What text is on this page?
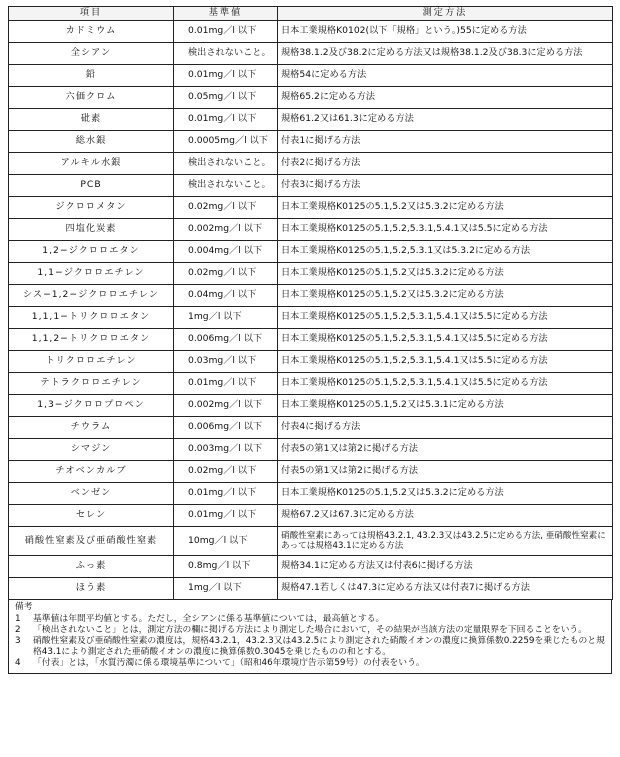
項目	基準値	測定方法
カドミウム	0.01mg／l 以下	日本工業規格K0102(以下「規格」という。)55に定める方法
全シアン	検出されないこと。	規格38.1.2及び38.2に定める方法又は規格38.1.2及び38.3に定める方法
鉛	0.01mg／l 以下	規格54に定める方法
六価クロム	0.05mg／l 以下	規格65.2に定める方法
砒素	0.01mg／l 以下	規格61.2又は61.3に定める方法
総水銀	0.0005mg／l 以下	付表1に掲げる方法
アルキル水銀	検出されないこと。	付表2に掲げる方法
PCB	検出されないこと。	付表3に掲げる方法
ジクロロメタン	0.02mg／l 以下	日本工業規格K0125の5.1,5.2又は5.3.2に定める方法
四塩化炭素	0.002mg／l 以下	日本工業規格K0125の5.1,5.2,5.3.1,5.4.1又は5.5に定める方法
1,2−ジクロロエタン	0.004mg／l 以下	日本工業規格K0125の5.1,5.2,5.3.1又は5.3.2に定める方法
1,1−ジクロロエチレン	0.02mg／l 以下	日本工業規格K0125の5.1,5.2又は5.3.2に定める方法
シス−1,2−ジクロロエチレン	0.04mg／l 以下	日本工業規格K0125の5.1,5.2又は5.3.2に定める方法
1,1,1−トリクロロエタン	1mg／l 以下	日本工業規格K0125の5.1,5.2,5.3.1,5.4.1又は5.5に定める方法
1,1,2−トリクロロエタン	0.006mg／l 以下	日本工業規格K0125の5.1,5.2,5.3.1,5.4.1又は5.5に定める方法
トリクロロエチレン	0.03mg／l 以下	日本工業規格K0125の5.1,5.2,5.3.1,5.4.1又は5.5に定める方法
テトラクロロエチレン	0.01mg／l 以下	日本工業規格K0125の5.1,5.2,5.3.1,5.4.1又は5.5に定める方法
1,3−ジクロロプロペン	0.002mg／l 以下	日本工業規格K0125の5.1,5.2又は5.3.1に定める方法
チウラム	0.006mg／l 以下	付表4に掲げる方法
シマジン	0.003mg／l 以下	付表5の第1又は第2に掲げる方法
チオベンカルブ	0.02mg／l 以下	付表5の第1又は第2に掲げる方法
ベンゼン	0.01mg／l 以下	日本工業規格K0125の5.1,5.2又は5.3.2に定める方法
セレン	0.01mg／l 以下	規格67.2又は67.3に定める方法
硝酸性窒素及び亜硝酸性窒素	10mg／l 以下	硝酸性窒素にあっては規格43.2.1, 43.2.3又は43.2.5に定める方法, 亜硝酸性窒素にあっては規格43.1に定める方法
ふっ素	0.8mg／l 以下	規格34.1に定める方法又は付表6に掲げる方法
ほう素	1mg／l 以下	規格47.1若しくは47.3に定める方法又は付表7に掲げる方法
備考
1	基準値は年間平均値とする。ただし，全シアンに係る基準値については，最高値とする。
2	「検出されないこと」とは，測定方法の欄に掲げる方法により測定した場合において，その結果が当該方法の定量限界を下回ることをいう。
3	硝酸性窒素及び亜硝酸性窒素の濃度は，規格43.2.1，43.2.3又は43.2.5により測定された硝酸イオンの濃度に換算係数0.2259を乗じたものと規格43.1により測定された亜硝酸イオンの濃度に換算係数0.3045を乗じたものの和とする。
4	「付表」とは，「水質汚濁に係る環境基準について」（昭和46年環境庁告示第59号）の付表をいう。
